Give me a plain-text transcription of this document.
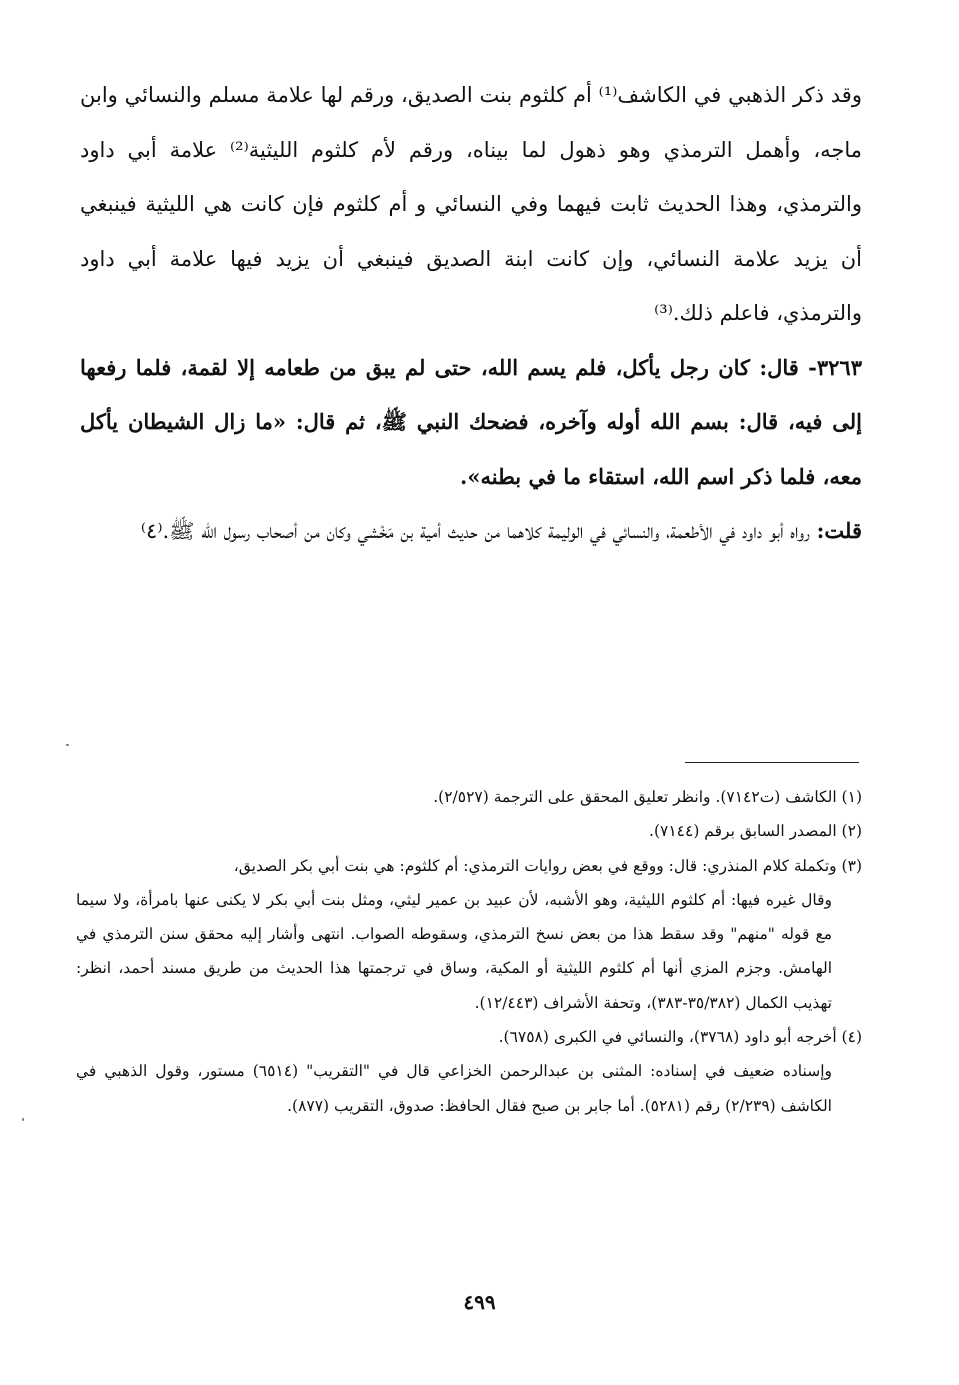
وقد ذكر الذهبي في الكاشف⁽¹⁾ أم كلثوم بنت الصديق، ورقم لها علامة مسلم والنسائي وابن ماجه، وأهمل الترمذي وهو ذهول لما بيناه، ورقم لأم كلثوم الليثية⁽²⁾ علامة أبي داود والترمذي، وهذا الحديث ثابت فيهما وفي النسائي و أم كلثوم فإن كانت هي الليثية فينبغي أن يزيد علامة النسائي، وإن كانت ابنة الصديق فينبغي أن يزيد فيها علامة أبي داود والترمذي، فاعلم ذلك.⁽³⁾

٣٢٦٣- قال: كان رجل يأكل، فلم يسم الله، حتى لم يبق من طعامه إلا لقمة، فلما رفعها إلى فيه، قال: بسم الله أوله وآخره، فضحك النبي ﷺ، ثم قال: «ما زال الشيطان يأكل معه، فلما ذكر اسم الله، استقاء ما في بطنه».

قلت: رواه أبو داود في الأطعمة، والنسائي في الوليمة كلاهما من حديث أمية بن مَخْشي وكان من أصحاب رسول الله ﷺ.⁽٤⁾

(١) الكاشف (ت٧١٤٢). وانظر تعليق المحقق على الترجمة (٢/٥٢٧).

(٢) المصدر السابق برقم (٧١٤٤).

(٣) وتكملة كلام المنذري: قال: ووقع في بعض روايات الترمذي: أم كلثوم: هي بنت أبي بكر الصديق،

وقال غيره فيها: أم كلثوم الليثية، وهو الأشبه، لأن عبيد بن عمير ليثي، ومثل بنت أبي بكر لا يكنى عنها بامرأة، ولا سيما مع قوله "منهم" وقد سقط هذا من بعض نسخ الترمذي، وسقوطه الصواب. انتهى وأشار إليه محقق سنن الترمذي في الهامش. وجزم المزي أنها أم كلثوم الليثية أو المكية، وساق في ترجمتها هذا الحديث من طريق مسند أحمد، انظر: تهذيب الكمال (٣٥/٣٨٢-٣٨٣)، وتحفة الأشراف (١٢/٤٤٣).

(٤) أخرجه أبو داود (٣٧٦٨)، والنسائي في الكبرى (٦٧٥٨).

وإسناده ضعيف في إسناده: المثنى بن عبدالرحمن الخزاعي قال في "التقريب" (٦٥١٤) مستور، وقول الذهبي في الكاشف (٢/٢٣٩) رقم (٥٢٨١). أما جابر بن صبح فقال الحافظ: صدوق، التقريب (٨٧٧).

٤٩٩
